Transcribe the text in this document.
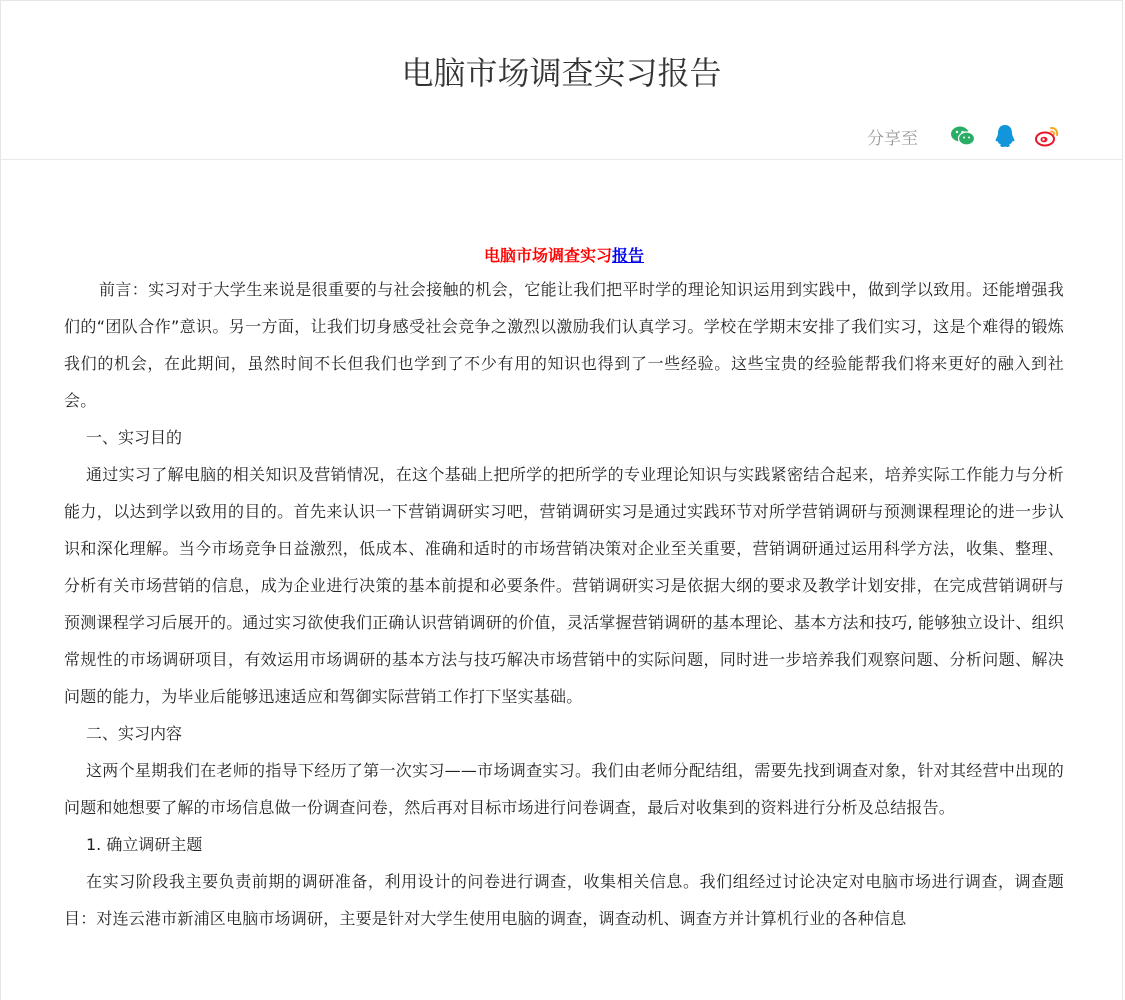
电脑市场调查实习报告
分享至

电脑市场调查实习报告

前言：实习对于大学生来说是很重要的与社会接触的机会，它能让我们把平时学的理论知识运用到实践中，做到学以致用。还能增强我们的“团队合作”意识。另一方面，让我们切身感受社会竞争之激烈以激励我们认真学习。学校在学期末安排了我们实习，这是个难得的锻炼我们的机会，在此期间，虽然时间不长但我们也学到了不少有用的知识也得到了一些经验。这些宝贵的经验能帮我们将来更好的融入到社会。

一、实习目的

通过实习了解电脑的相关知识及营销情况，在这个基础上把所学的把所学的专业理论知识与实践紧密结合起来，培养实际工作能力与分析能力，以达到学以致用的目的。首先来认识一下营销调研实习吧，营销调研实习是通过实践环节对所学营销调研与预测课程理论的进一步认识和深化理解。当今市场竞争日益激烈，低成本、准确和适时的市场营销决策对企业至关重要，营销调研通过运用科学方法，收集、整理、分析有关市场营销的信息，成为企业进行决策的基本前提和必要条件。营销调研实习是依据大纲的要求及教学计划安排，在完成营销调研与预测课程学习后展开的。通过实习欲使我们正确认识营销调研的价值，灵活掌握营销调研的基本理论、基本方法和技巧, 能够独立设计、组织常规性的市场调研项目，有效运用市场调研的基本方法与技巧解决市场营销中的实际问题，同时进一步培养我们观察问题、分析问题、解决问题的能力，为毕业后能够迅速适应和驾御实际营销工作打下坚实基础。

二、实习内容

这两个星期我们在老师的指导下经历了第一次实习——市场调查实习。我们由老师分配结组，需要先找到调查对象，针对其经营中出现的问题和她想要了解的市场信息做一份调查问卷，然后再对目标市场进行问卷调查，最后对收集到的资料进行分析及总结报告。

1. 确立调研主题

在实习阶段我主要负责前期的调研准备，利用设计的问卷进行调查，收集相关信息。我们组经过讨论决定对电脑市场进行调查，调查题目：对连云港市新浦区电脑市场调研，主要是针对大学生使用电脑的调查，调查动机、调查方并计算机行业的各种信息
